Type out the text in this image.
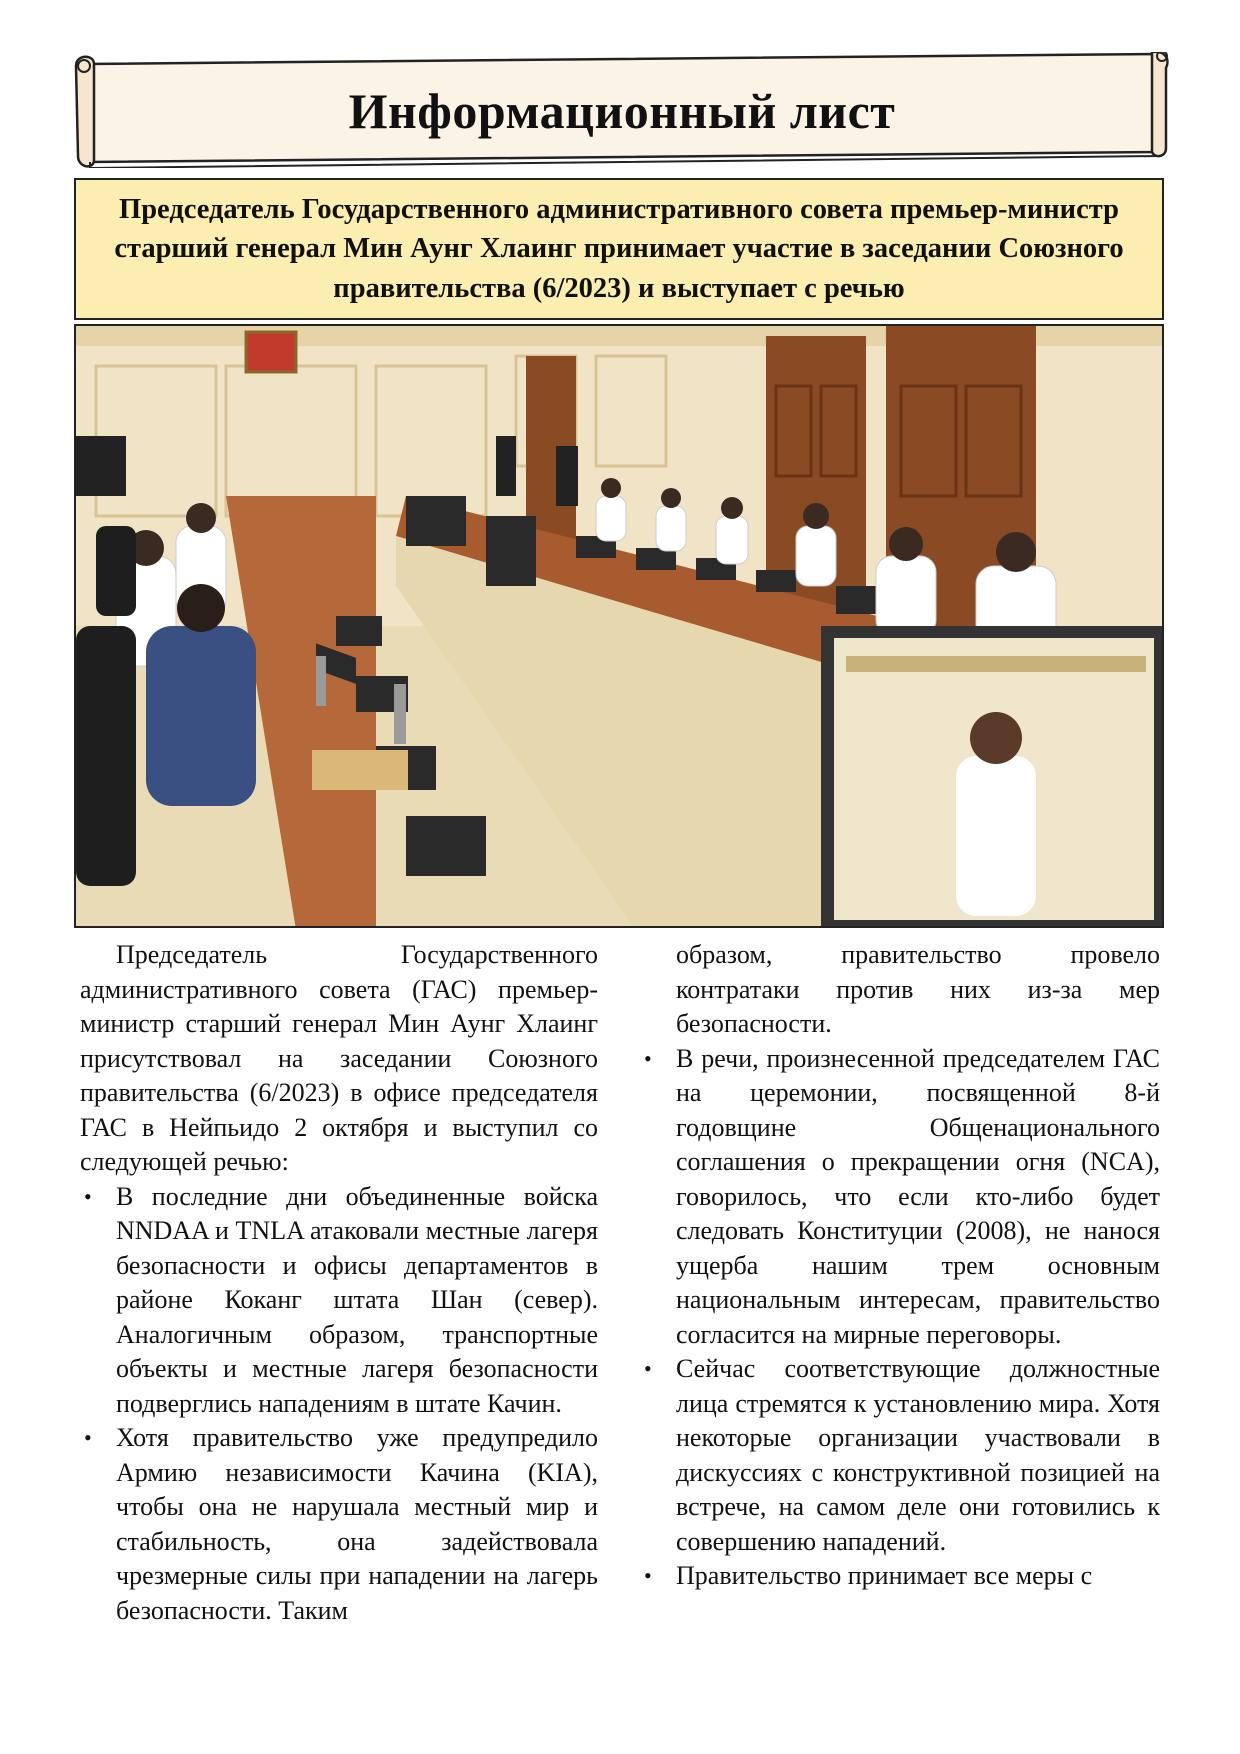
Информационный лист

Председатель Государственного административного совета премьер-министр старший генерал Мин Аунг Хлаинг принимает участие в заседании Союзного правительства (6/2023) и выступает с речью

Председатель Государственного административного совета (ГАС) премьер-министр старший генерал Мин Аунг Хлаинг присутствовал на заседании Союзного правительства (6/2023) в офисе председателя ГАС в Нейпьидо 2 октября и выступил со следующей речью:

• В последние дни объединенные войска NNDAA и TNLA атаковали местные лагеря безопасности и офисы департаментов в районе Коканг штата Шан (север). Аналогичным образом, транспортные объекты и местные лагеря безопасности подверглись нападениям в штате Качин.
• Хотя правительство уже предупредило Армию независимости Качина (KIA), чтобы она не нарушала местный мир и стабильность, она задействовала чрезмерные силы при нападении на лагерь безопасности. Таким

образом, правительство провело контратаки против них из-за мер безопасности.

• В речи, произнесенной председателем ГАС на церемонии, посвященной 8-й годовщине Общенационального соглашения о прекращении огня (NCA), говорилось, что если кто-либо будет следовать Конституции (2008), не нанося ущерба нашим трем основным национальным интересам, правительство согласится на мирные переговоры.
• Сейчас соответствующие должностные лица стремятся к установлению мира. Хотя некоторые организации участвовали в дискуссиях с конструктивной позицией на встрече, на самом деле они готовились к совершению нападений.
• Правительство принимает все меры с
